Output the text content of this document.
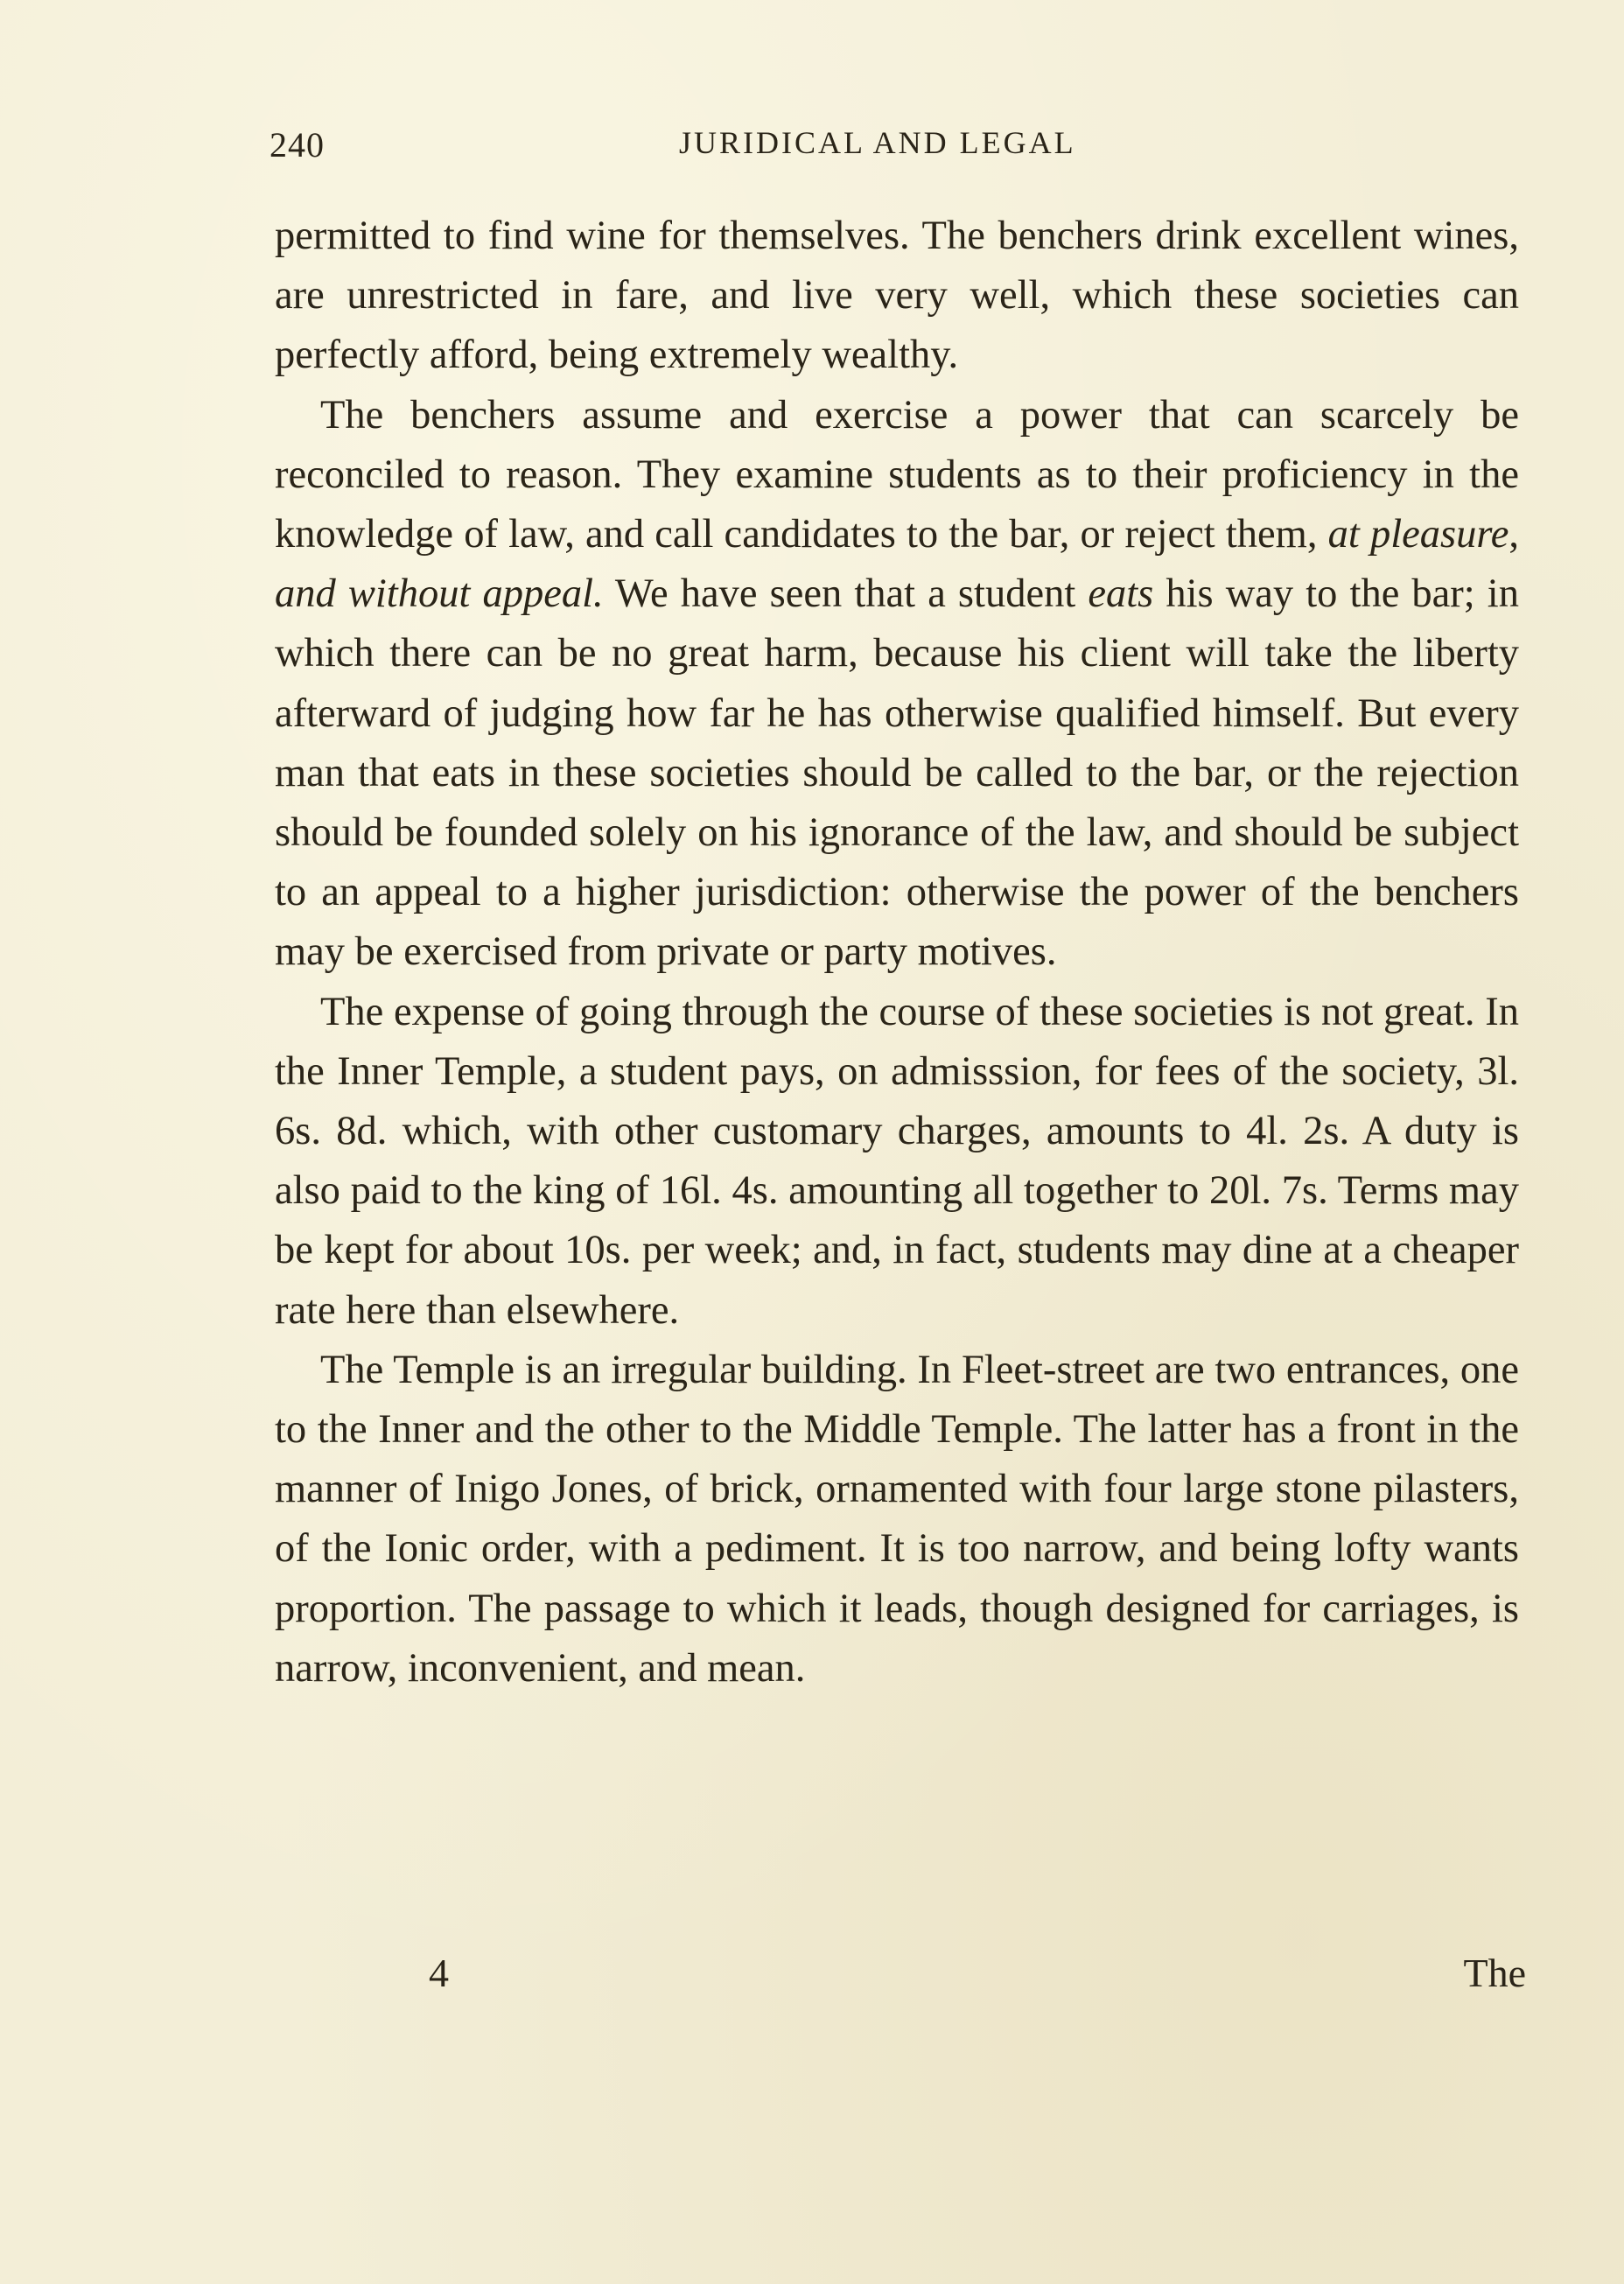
240	JURIDICAL AND LEGAL

permitted to find wine for themselves. The benchers drink excellent wines, are unrestricted in fare, and live very well, which these societies can perfectly afford, being extremely wealthy.

The benchers assume and exercise a power that can scarcely be reconciled to reason. They examine students as to their proficiency in the knowledge of law, and call candidates to the bar, or reject them, at pleasure, and without appeal. We have seen that a student eats his way to the bar; in which there can be no great harm, because his client will take the liberty afterward of judging how far he has otherwise qualified himself. But every man that eats in these societies should be called to the bar, or the rejection should be founded solely on his ignorance of the law, and should be subject to an appeal to a higher jurisdiction: otherwise the power of the benchers may be exercised from private or party motives.

The expense of going through the course of these societies is not great. In the Inner Temple, a student pays, on admisssion, for fees of the society, 3l. 6s. 8d. which, with other customary charges, amounts to 4l. 2s. A duty is also paid to the king of 16l. 4s. amounting all together to 20l. 7s. Terms may be kept for about 10s. per week; and, in fact, students may dine at a cheaper rate here than elsewhere.

The Temple is an irregular building. In Fleet-street are two entrances, one to the Inner and the other to the Middle Temple. The latter has a front in the manner of Inigo Jones, of brick, ornamented with four large stone pilasters, of the Ionic order, with a pediment. It is too narrow, and being lofty wants proportion. The passage to which it leads, though designed for carriages, is narrow, inconvenient, and mean.

4	The
